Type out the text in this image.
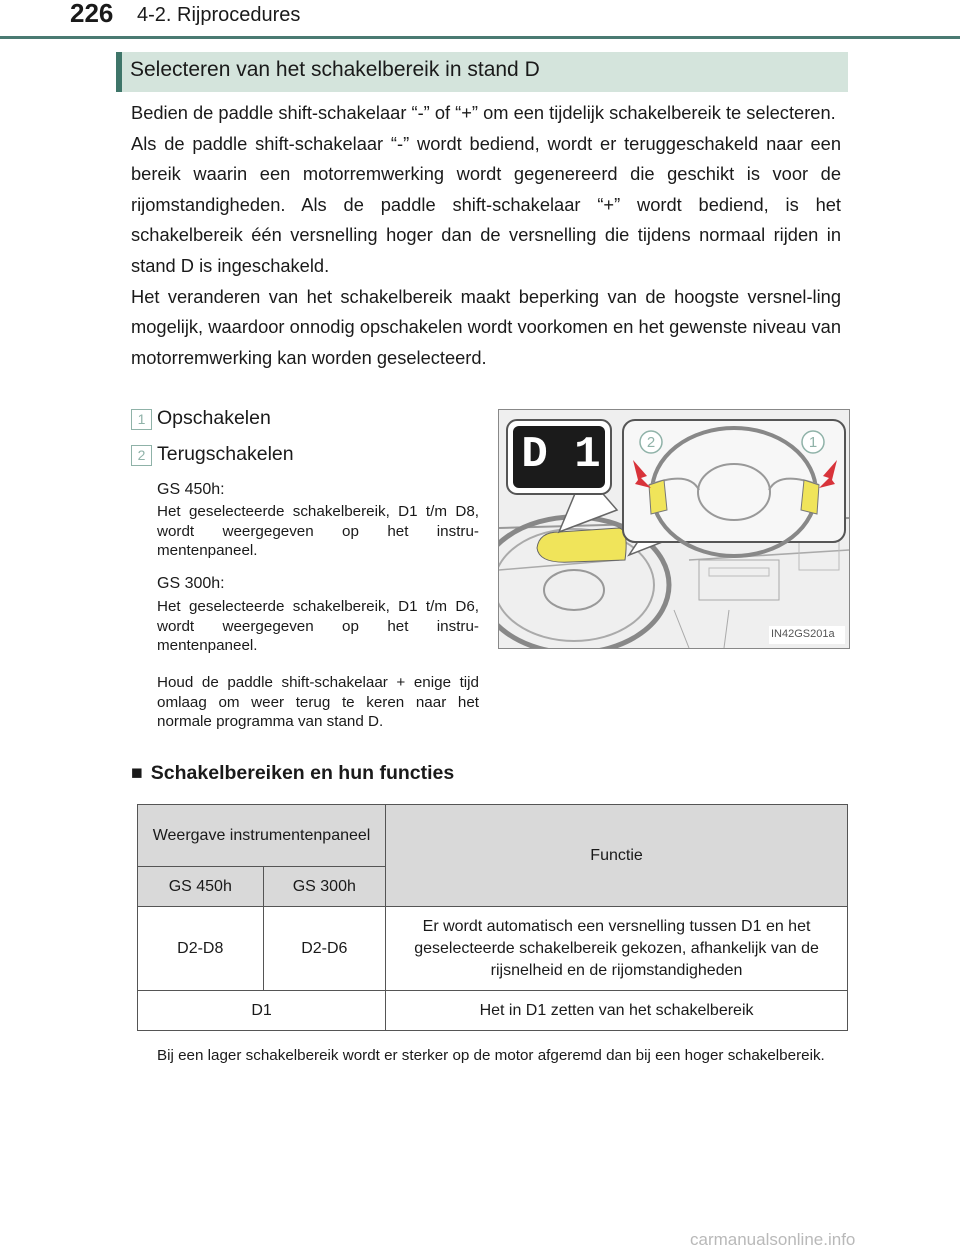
226 4-2. Rijprocedures
Selecteren van het schakelbereik in stand D

Bedien de paddle shift-schakelaar “-” of “+” om een tijdelijk schakelbereik te selecteren.

Als de paddle shift-schakelaar “-” wordt bediend, wordt er teruggeschakeld naar een bereik waarin een motorremwerking wordt gegenereerd die geschikt is voor de rijomstandigheden. Als de paddle shift-schakelaar “+” wordt bediend, is het schakelbereik één versnelling hoger dan de versnelling die tijdens normaal rijden in stand D is ingeschakeld.

Het veranderen van het schakelbereik maakt beperking van de hoogste versnel-ling mogelijk, waardoor onnodig opschakelen wordt voorkomen en het gewenste niveau van motorremwerking kan worden geselecteerd.

1 Opschakelen
2 Terugschakelen
GS 450h:
Het geselecteerde schakelbereik, D1 t/m D8, wordt weergegeven op het instru-mentenpaneel.
GS 300h:
Het geselecteerde schakelbereik, D1 t/m D6, wordt weergegeven op het instru-mentenpaneel.
Houd de paddle shift-schakelaar + enige tijd omlaag om weer terug te keren naar het normale programma van stand D.
D 1	2	1
IN42GS201a
■ Schakelbereiken en hun functies
Weergave instrumentenpaneel		Functie
GS 450h	GS 300h	
D2-D8	D2-D6	Er wordt automatisch een versnelling tussen D1 en het geselecteerde schakelbereik gekozen, afhankelijk van de rijsnelheid en de rijomstandigheden
D1		Het in D1 zetten van het schakelbereik
Bij een lager schakelbereik wordt er sterker op de motor afgeremd dan bij een hoger schakelbereik.
carmanualsonline.info
